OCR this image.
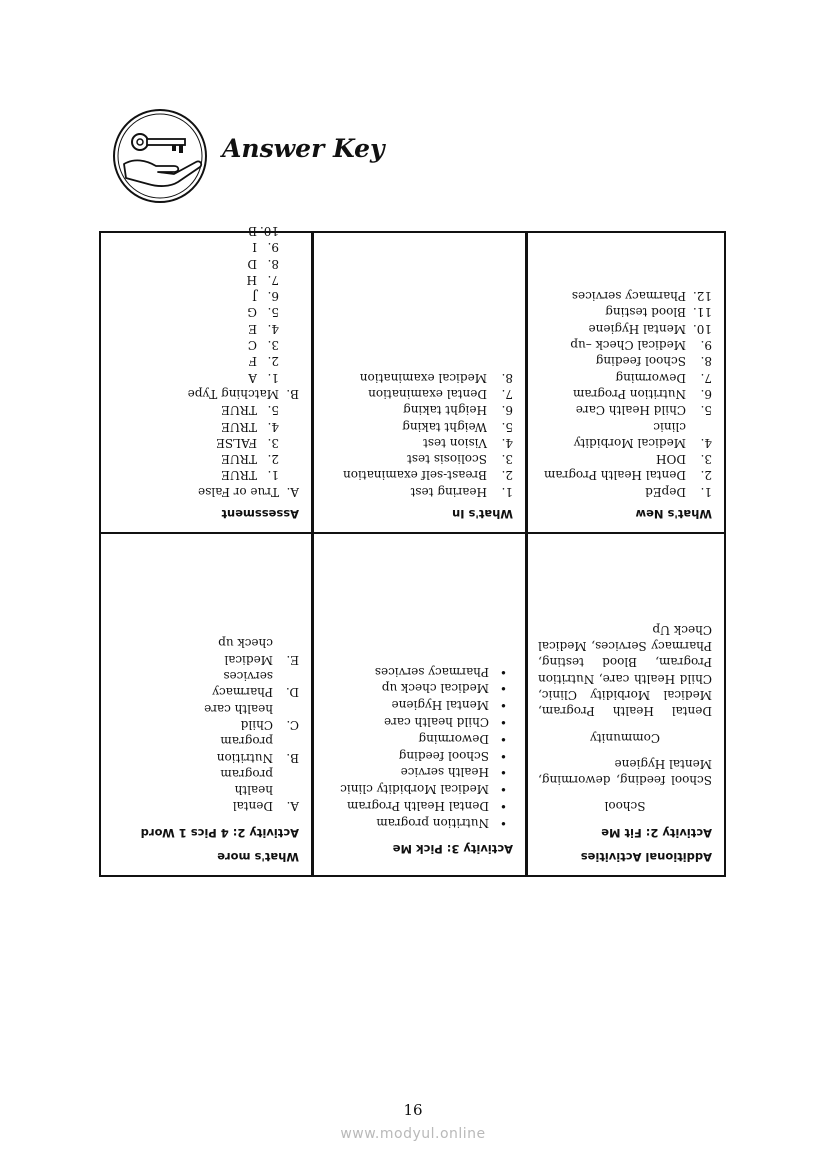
Answer Key
What's New
1.
DepEd
2.
Dental Health Program
3.
DOH
4.
Medical Morbidity clinic
5.
Child Health Care
6.
Nutrition Program
7.
Deworming
8.
School feeding
9.
Medical Check –up
10.
Mental Hygiene
11.
Blood testing
12.
Pharmacy services
What's In
1.
Hearing test
2.
Breast-self examination
3.
Scoliosis test
4.
Vision test
5.
Weight taking
6.
Height taking
7.
Dental examination
8.
Medical examination
Assessment
A.True or False
1.TRUE
2.TRUE
3.FALSE
4.TRUE
5.TRUE
B.Matching Type
1.A
2.F
3.C
4.E
5.G
6.J
7.H
8.D
9.I
10.B
Additional Activities
Activity 2: Fit Me

School

School feeding, deworming, Mental Hygiene

Community

Dental Health Program, Medical Morbidity Clinic, Child Health care, Nutrition Program, Blood testing, Pharmacy Services, Medical Check Up

Activity 3: Pick Me
• Nutrition program
• Dental Health Program
• Medical Morbidity clinic
• Health service
• School feeding
• Deworming
• Child health care
• Mental Hygiene
• Medical check up
• Pharmacy services
What's more
Activity 2: 4 Pics 1 Word
A.
Dental health program
B.
Nutrition program
C.
Child health care
D.
Pharmacy services
E.
Medical check up
16
www.modyul.online
